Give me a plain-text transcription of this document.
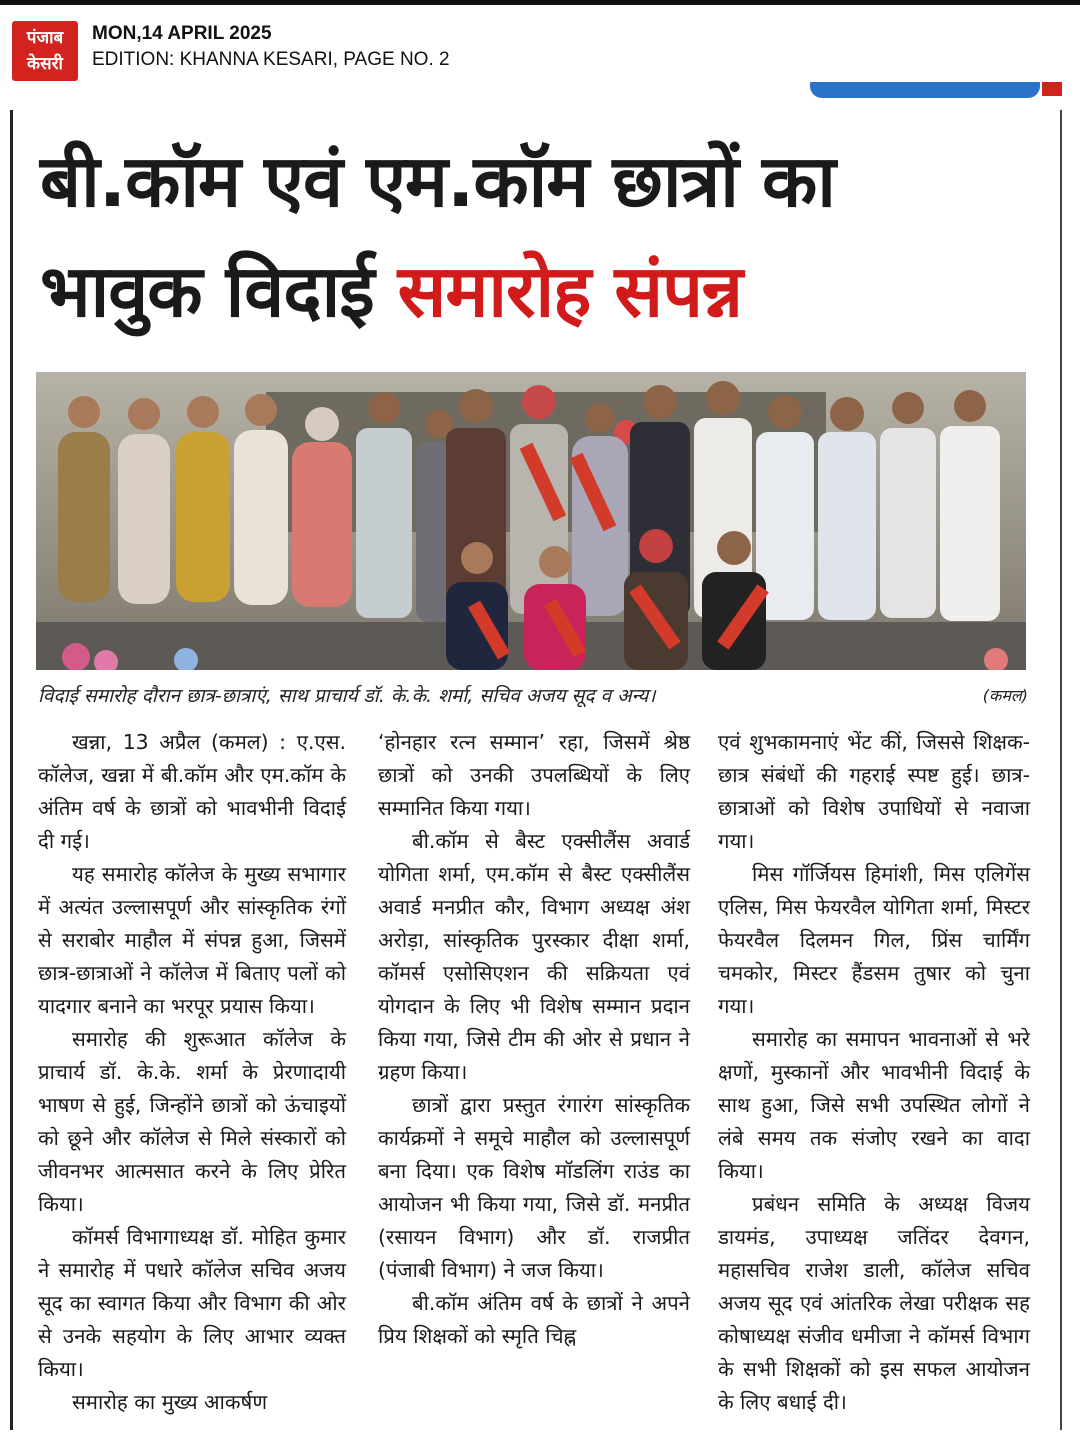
पंजाब
केसरी
MON,14 APRIL 2025
EDITION: KHANNA KESARI, PAGE NO. 2
बी.कॉम एवं एम.कॉम छात्रों का
भावुक विदाई समारोह संपन्न
विदाई समारोह दौरान छात्र-छात्राएं, साथ प्राचार्य डॉ. के.के. शर्मा, सचिव अजय सूद व अन्य।	(कमल)

खन्ना, 13 अप्रैल (कमल) : ए.एस. कॉलेज, खन्ना में बी.कॉम और एम.कॉम के अंतिम वर्ष के छात्रों को भावभीनी विदाई दी गई।

यह समारोह कॉलेज के मुख्य सभागार में अत्यंत उल्लासपूर्ण और सांस्कृतिक रंगों से सराबोर माहौल में संपन्न हुआ, जिसमें छात्र-छात्राओं ने कॉलेज में बिताए पलों को यादगार बनाने का भरपूर प्रयास किया।

समारोह की शुरूआत कॉलेज के प्राचार्य डॉ. के.के. शर्मा के प्रेरणादायी भाषण से हुई, जिन्होंने छात्रों को ऊंचाइयों को छूने और कॉलेज से मिले संस्कारों को जीवनभर आत्मसात करने के लिए प्रेरित किया।

कॉमर्स विभागाध्यक्ष डॉ. मोहित कुमार ने समारोह में पधारे कॉलेज सचिव अजय सूद का स्वागत किया और विभाग की ओर से उनके सहयोग के लिए आभार व्यक्त किया।

समारोह का मुख्य आकर्षण

‘होनहार रत्न सम्मान’ रहा, जिसमें श्रेष्ठ छात्रों को उनकी उपलब्धियों के लिए सम्मानित किया गया।

बी.कॉम से बैस्ट एक्सीलैंस अवार्ड योगिता शर्मा, एम.कॉम से बैस्ट एक्सीलैंस अवार्ड मनप्रीत कौर, विभाग अध्यक्ष अंश अरोड़ा, सांस्कृतिक पुरस्कार दीक्षा शर्मा, कॉमर्स एसोसिएशन की सक्रियता एवं योगदान के लिए भी विशेष सम्मान प्रदान किया गया, जिसे टीम की ओर से प्रधान ने ग्रहण किया।

छात्रों द्वारा प्रस्तुत रंगारंग सांस्कृतिक कार्यक्रमों ने समूचे माहौल को उल्लासपूर्ण बना दिया। एक विशेष मॉडलिंग राउंड का आयोजन भी किया गया, जिसे डॉ. मनप्रीत (रसायन विभाग) और डॉ. राजप्रीत (पंजाबी विभाग) ने जज किया।

बी.कॉम अंतिम वर्ष के छात्रों ने अपने प्रिय शिक्षकों को स्मृति चिह्न

एवं शुभकामनाएं भेंट कीं, जिससे शिक्षक-छात्र संबंधों की गहराई स्पष्ट हुई। छात्र-छात्राओं को विशेष उपाधियों से नवाजा गया।

मिस गॉर्जियस हिमांशी, मिस एलिगेंस एलिस, मिस फेयरवैल योगिता शर्मा, मिस्टर फेयरवैल दिलमन गिल, प्रिंस चार्मिंग चमकोर, मिस्टर हैंडसम तुषार को चुना गया।

समारोह का समापन भावनाओं से भरे क्षणों, मुस्कानों और भावभीनी विदाई के साथ हुआ, जिसे सभी उपस्थित लोगों ने लंबे समय तक संजोए रखने का वादा किया।

प्रबंधन समिति के अध्यक्ष विजय डायमंड, उपाध्यक्ष जतिंदर देवगन, महासचिव राजेश डाली, कॉलेज सचिव अजय सूद एवं आंतरिक लेखा परीक्षक सह कोषाध्यक्ष संजीव धमीजा ने कॉमर्स विभाग के सभी शिक्षकों को इस सफल आयोजन के लिए बधाई दी।
